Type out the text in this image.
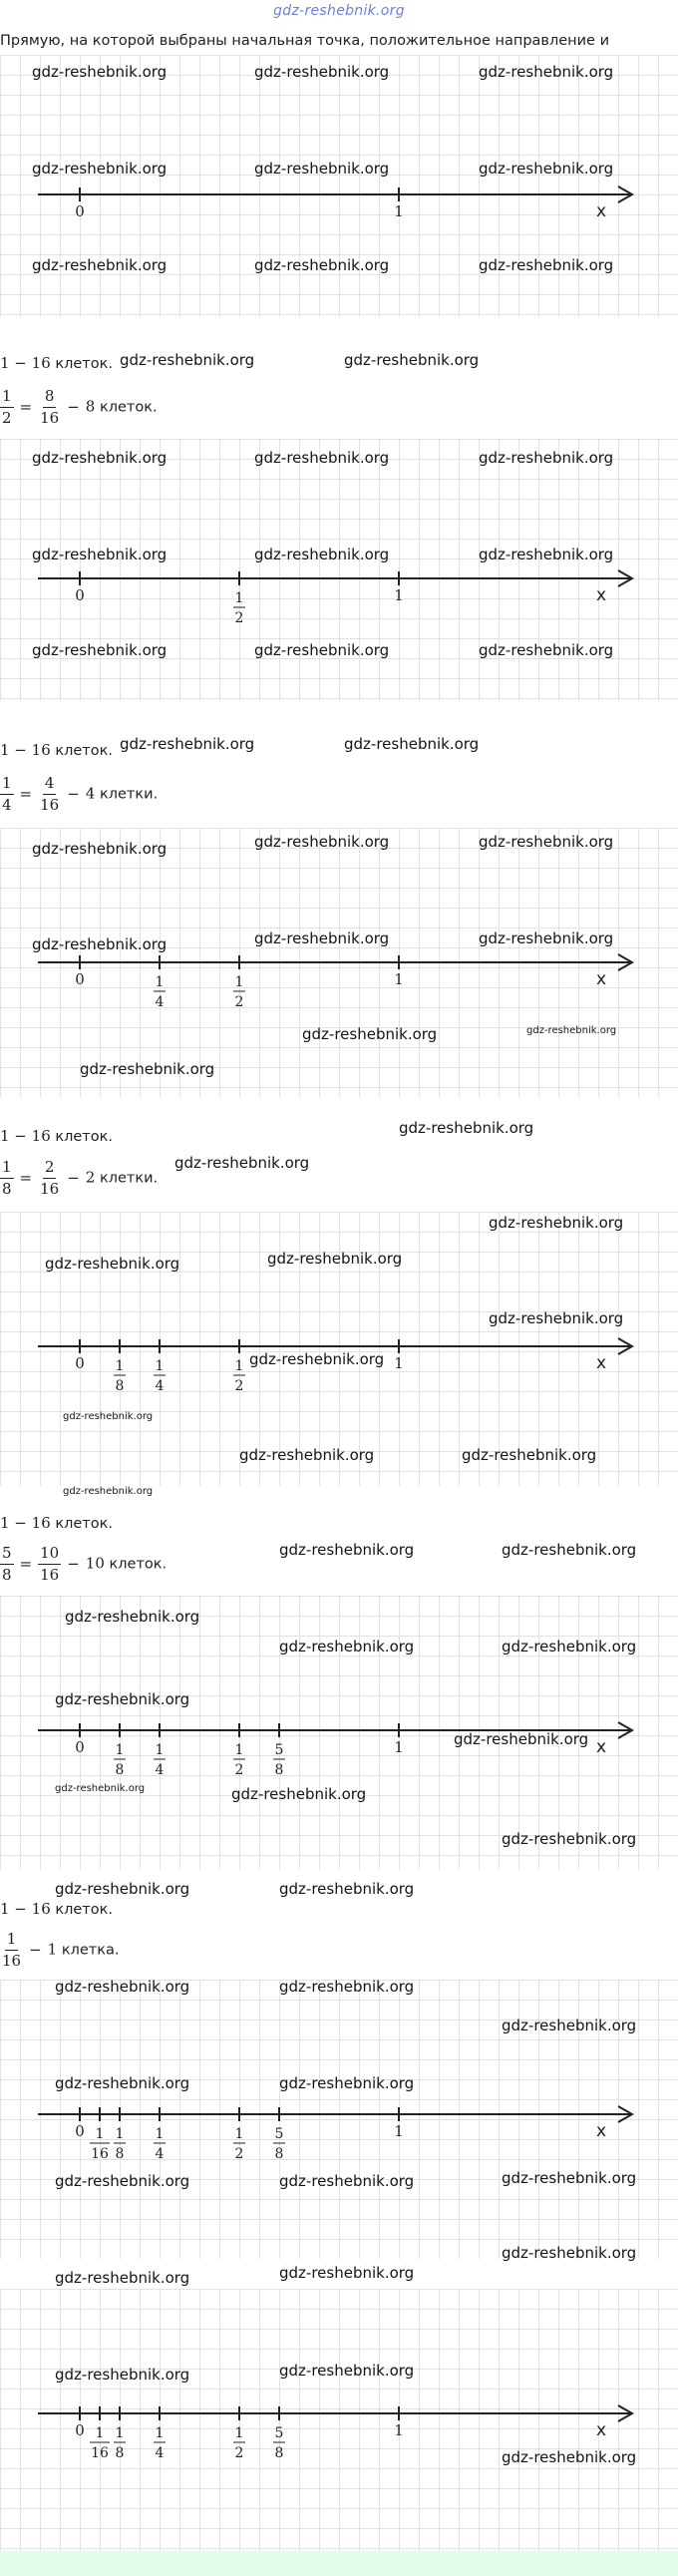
gdz-reshebnik.org
Прямую, на которой выбраны начальная точка, положительное направление и
1 − 16 клеток.
$\frac{1}{2} = \frac{8}{16} - 8$ клеток.
1 − 16 клеток.
$\frac{1}{4} = \frac{4}{16} - 4$ клетки.
1 − 16 клеток.
$\frac{1}{8} = \frac{2}{16} - 2$ клетки.
1 − 16 клеток.
$\frac{5}{8} = \frac{10}{16} - 10$ клеток.
1 − 16 клеток.
$\frac{1}{16} - 1$ клетка.
x
0	1
x
0	1
1
2
x
0	1
1
2
1
4
x
0	1
1
2
1
4
1
8
x
0	1
1
2
1
4
1
8
5
8
x
0	1
1
2
1
4
1
8
5
8
1
16
x
0	1
1
2
1
4
1
8
5
8
1
16
gdz-reshebnik.org	gdz-reshebnik.org	gdz-reshebnik.org
gdz-reshebnik.org	gdz-reshebnik.org	gdz-reshebnik.org
gdz-reshebnik.org	gdz-reshebnik.org	gdz-reshebnik.org
gdz-reshebnik.org	gdz-reshebnik.org
gdz-reshebnik.org	gdz-reshebnik.org	gdz-reshebnik.org
gdz-reshebnik.org	gdz-reshebnik.org	gdz-reshebnik.org
gdz-reshebnik.org	gdz-reshebnik.org	gdz-reshebnik.org
gdz-reshebnik.org	gdz-reshebnik.org
gdz-reshebnik.org	gdz-reshebnik.org	gdz-reshebnik.org
gdz-reshebnik.org	gdz-reshebnik.org	gdz-reshebnik.org
gdz-reshebnik.org
gdz-reshebnik.org
gdz-reshebnik.org
gdz-reshebnik.org
gdz-reshebnik.org
gdz-reshebnik.org	gdz-reshebnik.org
gdz-reshebnik.org
gdz-reshebnik.org
gdz-reshebnik.org	gdz-reshebnik.org
gdz-reshebnik.org
gdz-reshebnik.org	gdz-reshebnik.org
gdz-reshebnik.org	gdz-reshebnik.org
gdz-reshebnik.org
gdz-reshebnik.org
gdz-reshebnik.org
gdz-reshebnik.org
gdz-reshebnik.org	gdz-reshebnik.org
gdz-reshebnik.org	gdz-reshebnik.org
gdz-reshebnik.org
gdz-reshebnik.org	gdz-reshebnik.org
gdz-reshebnik.org	gdz-reshebnik.org	gdz-reshebnik.org
gdz-reshebnik.org	gdz-reshebnik.org
gdz-reshebnik.org
gdz-reshebnik.org	gdz-reshebnik.org
gdz-reshebnik.org
gdz-reshebnik.org
gdz-reshebnik.org
gdz-reshebnik.org
gdz-reshebnik.org
